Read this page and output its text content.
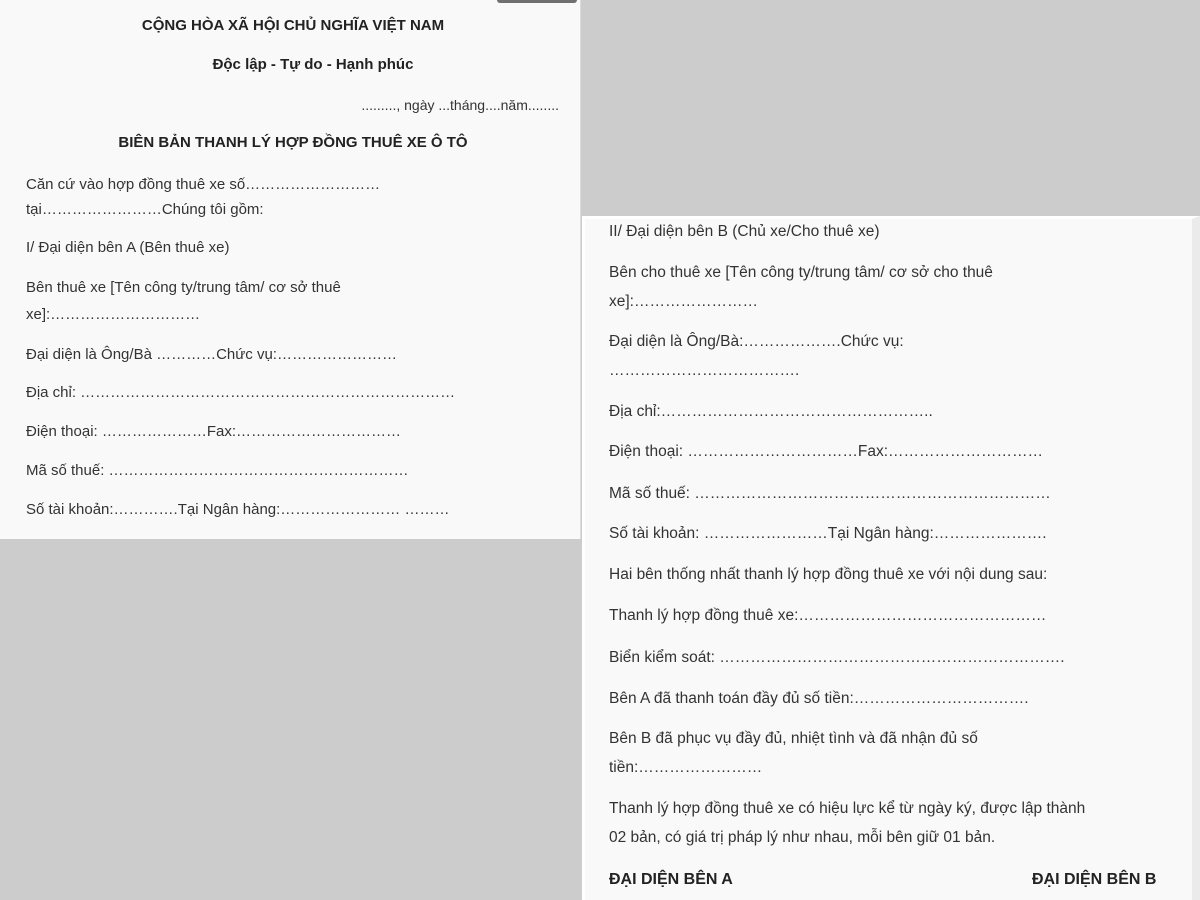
CỘNG HÒA XÃ HỘI CHỦ NGHĨA VIỆT NAM
Độc lập - Tự do - Hạnh phúc
........., ngày ...tháng....năm........
BIÊN BẢN THANH LÝ HỢP ĐỒNG THUÊ XE Ô TÔ
Căn cứ vào hợp đồng thuê xe số………………………
tại……………………Chúng tôi gồm:
I/ Đại diện bên A (Bên thuê xe)
Bên thuê xe [Tên công ty/trung tâm/ cơ sở thuê
xe]:…………………………
Đại diện là Ông/Bà …………Chức vụ:……………………
Địa chỉ: …………………………………………………………………
Điện thoại: …………………Fax:……………………………
Mã số thuế: ……………………………………………………
Số tài khoản:………….Tại Ngân hàng:…………………… ………
II/ Đại diện bên B (Chủ xe/Cho thuê xe)
Bên cho thuê xe [Tên công ty/trung tâm/ cơ sở cho thuê
xe]:……………………
Đại diện là Ông/Bà:……………….Chức vụ:
……………………………….
Địa chỉ:……………………………………………..
Điện thoại: ……………………………Fax:…………………………
Mã số thuế: ……………………………………………………………
Số tài khoản: ……………………Tại Ngân hàng:………………….
Hai bên thống nhất thanh lý hợp đồng thuê xe với nội dung sau:
Thanh lý hợp đồng thuê xe:…………………………………………
Biển kiểm soát: ………………………………………………………….
Bên A đã thanh toán đầy đủ số tiền:…………………………….
Bên B đã phục vụ đầy đủ, nhiệt tình và đã nhận đủ số
tiền:……………………
Thanh lý hợp đồng thuê xe có hiệu lực kể từ ngày ký, được lập thành
02 bản, có giá trị pháp lý như nhau, mỗi bên giữ 01 bản.
ĐẠI DIỆN BÊN A	ĐẠI DIỆN BÊN B
